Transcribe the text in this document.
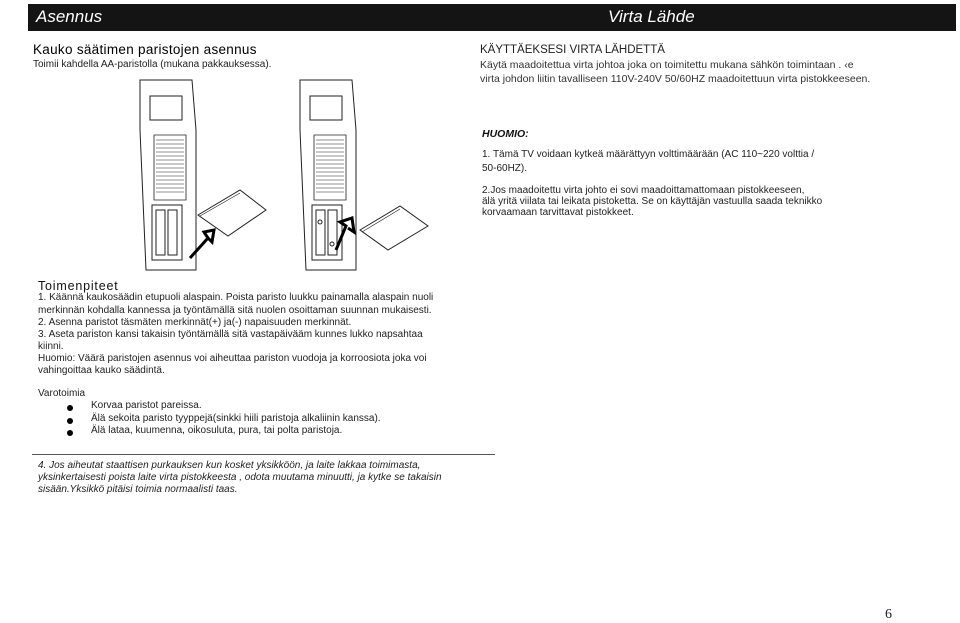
Asennus	Virta Lähde
Kauko säätimen paristojen asennus
Toimii kahdella AA-paristolla (mukana pakkauksessa).
KÄYTTÄEKSESI VIRTA LÄHDETTÄ
Käytä maadoitettua virta johtoa joka on toimitettu mukana sähkön toimintaan . ‹e
virta johdon liitin tavalliseen 110V-240V 50/60HZ maadoitettuun virta pistokkeeseen.
HUOMIO:
1. Tämä TV voidaan kytkeä määrättyyn volttimäärään (AC 110~220 volttia /
50-60HZ).
2.Jos maadoitettu virta johto ei sovi maadoittamattomaan pistokkeeseen,
älä yritä viilata tai leikata pistoketta. Se on käyttäjän vastuulla saada teknikko
korvaamaan tarvittavat pistokkeet.
Toimenpiteet
1. Käännä kaukosäädin etupuoli alaspain. Poista paristo luukku painamalla alaspain nuoli
merkinnän kohdalla kannessa ja työntämällä sitä nuolen osoittaman suunnan mukaisesti.
2. Asenna paristot täsmäten merkinnät(+) ja(-) napaisuuden merkinnät.
3. Aseta pariston kansi takaisin työntämällä sitä vastapäivääm kunnes lukko napsahtaa
kiinni.
Huomio: Väärä paristojen asennus voi aiheuttaa pariston vuodoja ja korroosiota joka voi
vahingoittaa kauko säädintä.
Varotoimia
Korvaa paristot pareissa.
Älä sekoita paristo tyyppejä(sinkki hiili paristoja alkaliinin kanssa).
Älä lataa, kuumenna, oikosuluta, pura, tai polta paristoja.
4. Jos aiheutat staattisen purkauksen kun kosket yksikköön, ja laite lakkaa toimimasta,
yksinkertaisesti poista laite virta pistokkeesta , odota muutama minuutti, ja kytke se takaisin
sisään.Yksikkö pitäisi toimia normaalisti taas.
6
